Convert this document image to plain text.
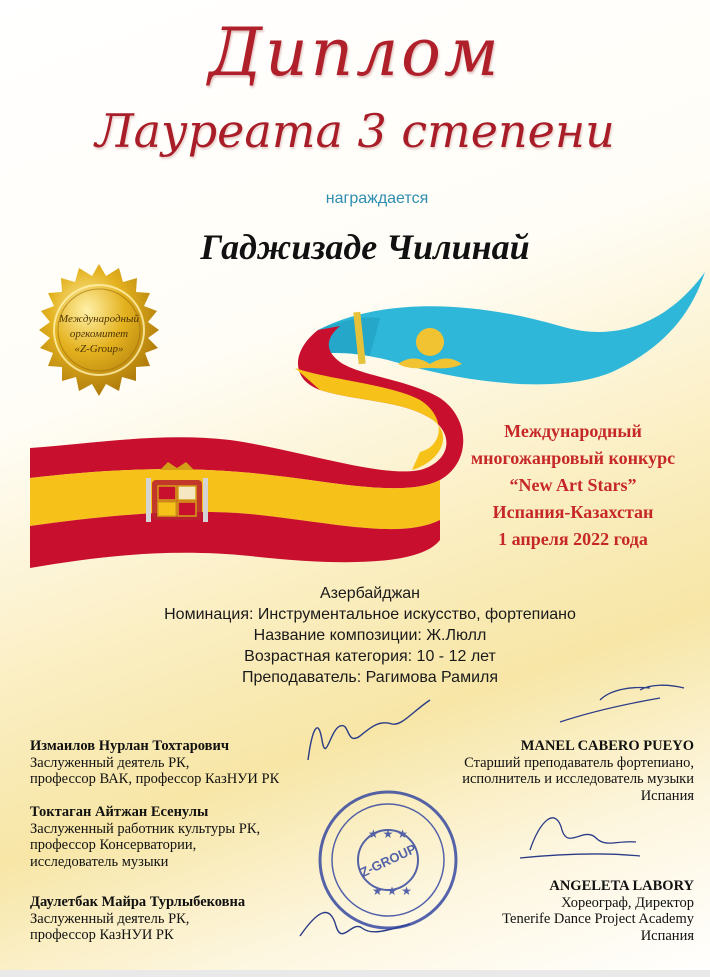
Диплом
Лауреата 3 степени
награждается
Гаджизаде Чилинай
Международный
оргкомитет
«Z-Group»
Международный
многожанровый конкурс
“New Art Stars”
Испания-Казахстан
1 апреля 2022 года
Азербайджан
Номинация: Инструментальное искусство, фортепиано
Название композиции: Ж.Люлл
Возрастная категория: 10 - 12 лет
Преподаватель: Рагимова Рамиля
Z-GROUP
★ ★ ★
★ ★ ★
Измаилов Нурлан Тохтарович
Заслуженный деятель РК,
профессор ВАК, профессор КазНУИ РК
Токтаган Айтжан Есенулы
Заслуженный работник культуры РК,
профессор Консерватории,
исследователь музыки
Даулетбак Майра Турлыбековна
Заслуженный деятель РК,
профессор КазНУИ РК
MANEL CABERO PUEYO
Старший преподаватель фортепиано,
исполнитель и исследователь музыки
Испания
ANGELETA LABORY
Хореограф, Директор
Tenerife Dance Project Academy
Испания
